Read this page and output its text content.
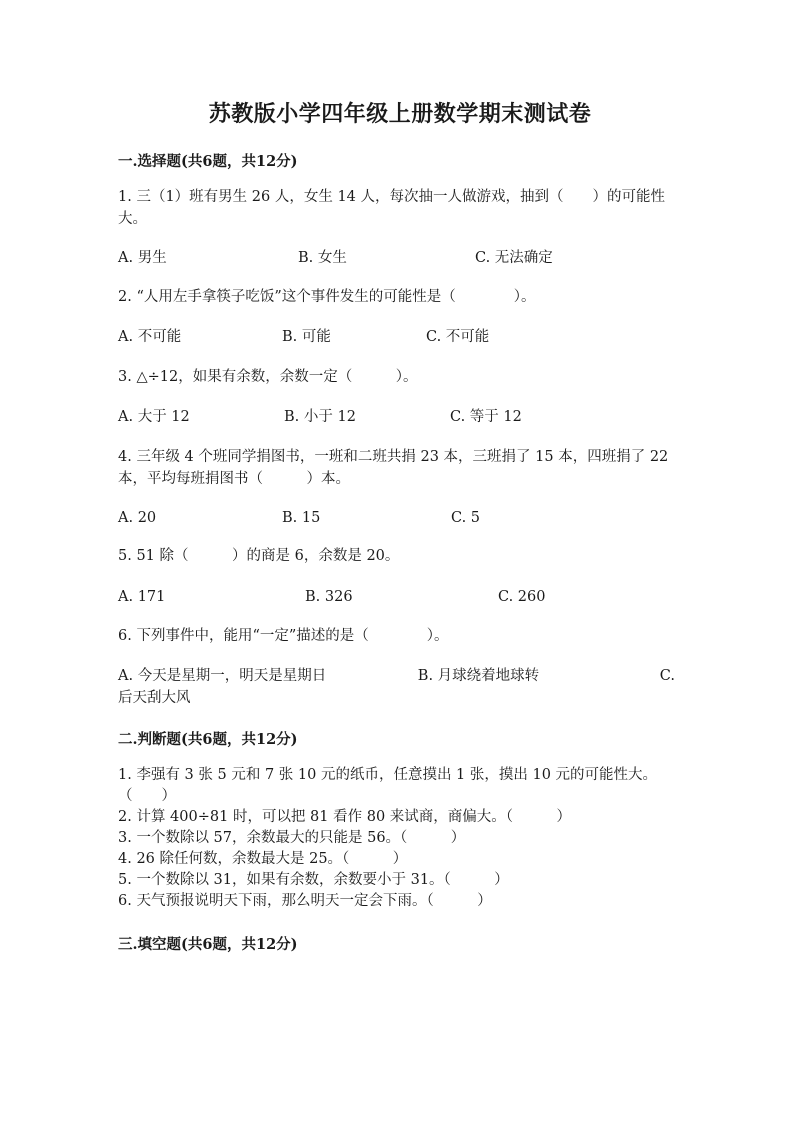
苏教版小学四年级上册数学期末测试卷
一.选择题(共6题，共12分)
1. 三（1）班有男生 26 人，女生 14 人，每次抽一人做游戏，抽到（　　）的可能性大。
A. 男生	B. 女生	C. 无法确定
2. “人用左手拿筷子吃饭”这个事件发生的可能性是（　　　　）。
A. 不可能	B. 可能	C. 不可能
3. △÷12，如果有余数，余数一定（　　　）。
A. 大于 12	B. 小于 12	C. 等于 12
4. 三年级 4 个班同学捐图书，一班和二班共捐 23 本，三班捐了 15 本，四班捐了 22 本，平均每班捐图书（　　　）本。
A. 20	B. 15	C. 5
5. 51 除（　　　）的商是 6，余数是 20。
A. 171	B. 326	C. 260
6. 下列事件中，能用“一定”描述的是（　　　　）。
A. 今天是星期一，明天是星期日　　　　　　 B. 月球绕着地球转　　　　　　　　 C. 后天刮大风
二.判断题(共6题，共12分)
1. 李强有 3 张 5 元和 7 张 10 元的纸币，任意摸出 1 张，摸出 10 元的可能性大。　　　（　　）
2. 计算 400÷81 时，可以把 81 看作 80 来试商，商偏大。（　　　）
3. 一个数除以 57，余数最大的只能是 56。（　　　）
4. 26 除任何数，余数最大是 25。（　　　）
5. 一个数除以 31，如果有余数，余数要小于 31。（　　　）
6. 天气预报说明天下雨，那么明天一定会下雨。（　　　）
三.填空题(共6题，共12分)
